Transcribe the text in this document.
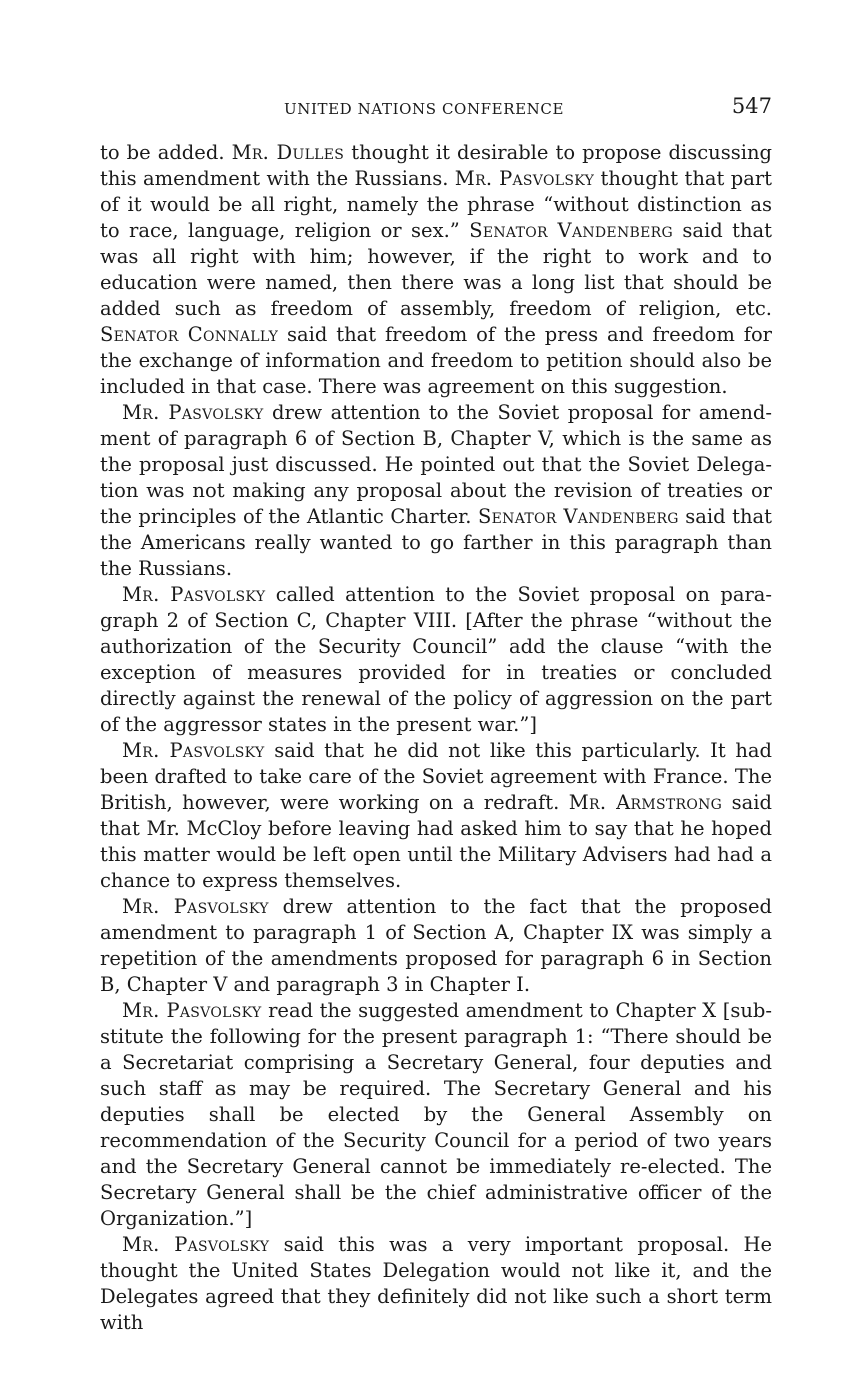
UNITED NATIONS CONFERENCE	547

to be added. Mr. Dulles thought it desirable to propose discussing this amendment with the Russians. Mr. Pasvolsky thought that part of it would be all right, namely the phrase “without distinction as to race, language, religion or sex.” Senator Vandenberg said that was all right with him; however, if the right to work and to education were named, then there was a long list that should be added such as freedom of assembly, freedom of religion, etc. Senator Connally said that freedom of the press and freedom for the exchange of information and freedom to petition should also be included in that case. There was agreement on this suggestion.

Mr. Pasvolsky drew attention to the Soviet proposal for amendment of paragraph 6 of Section B, Chapter V, which is the same as the proposal just discussed. He pointed out that the Soviet Delegation was not making any proposal about the revision of treaties or the principles of the Atlantic Charter. Senator Vandenberg said that the Americans really wanted to go farther in this paragraph than the Russians.

Mr. Pasvolsky called attention to the Soviet proposal on paragraph 2 of Section C, Chapter VIII. [After the phrase “without the authorization of the Security Council” add the clause “with the exception of measures provided for in treaties or concluded directly against the renewal of the policy of aggression on the part of the aggressor states in the present war.”]

Mr. Pasvolsky said that he did not like this particularly. It had been drafted to take care of the Soviet agreement with France. The British, however, were working on a redraft. Mr. Armstrong said that Mr. McCloy before leaving had asked him to say that he hoped this matter would be left open until the Military Advisers had had a chance to express themselves.

Mr. Pasvolsky drew attention to the fact that the proposed amendment to paragraph 1 of Section A, Chapter IX was simply a repetition of the amendments proposed for paragraph 6 in Section B, Chapter V and paragraph 3 in Chapter I.

Mr. Pasvolsky read the suggested amendment to Chapter X [substitute the following for the present paragraph 1: “There should be a Secretariat comprising a Secretary General, four deputies and such staff as may be required. The Secretary General and his deputies shall be elected by the General Assembly on recommendation of the Security Council for a period of two years and the Secretary General cannot be immediately re-elected. The Secretary General shall be the chief administrative officer of the Organization.”]

Mr. Pasvolsky said this was a very important proposal. He thought the United States Delegation would not like it, and the Delegates agreed that they definitely did not like such a short term with
